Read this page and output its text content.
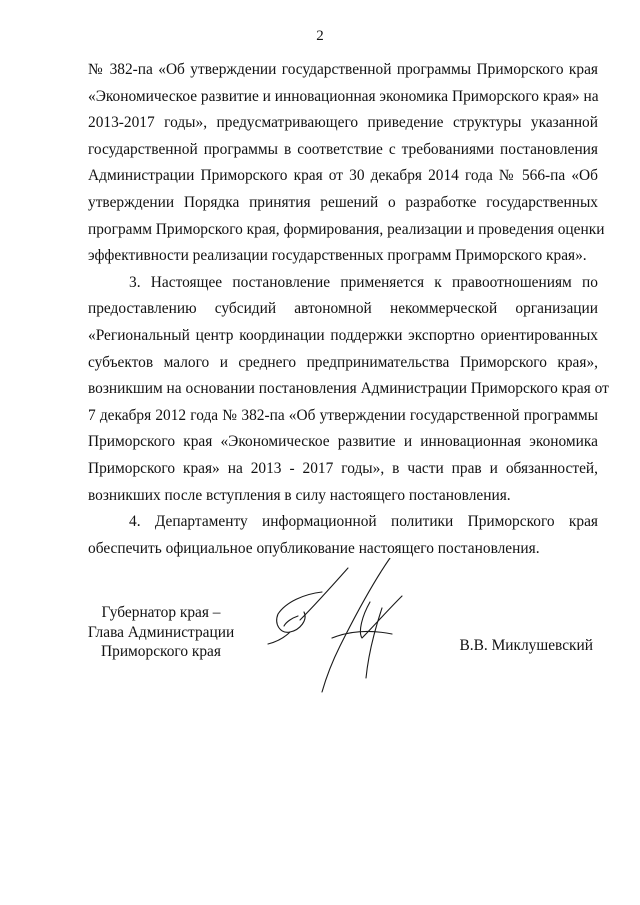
2
№ 382-па «Об утверждении государственной программы Приморского края
«Экономическое развитие и инновационная экономика Приморского края» на
2013-2017 годы», предусматривающего приведение структуры указанной
государственной программы в соответствие с требованиями постановления
Администрации Приморского края от 30 декабря 2014 года № 566-па «Об
утверждении Порядка принятия решений о разработке государственных
программ Приморского края, формирования, реализации и проведения оценки
эффективности реализации государственных программ Приморского края».
3. Настоящее постановление применяется к правоотношениям по
предоставлению субсидий автономной некоммерческой организации
«Региональный центр координации поддержки экспортно ориентированных
субъектов малого и среднего предпринимательства Приморского края»,
возникшим на основании постановления Администрации Приморского края от
7 декабря 2012 года № 382-па «Об утверждении государственной программы
Приморского края «Экономическое развитие и инновационная экономика
Приморского края» на 2013 - 2017 годы», в части прав и обязанностей,
возникших после вступления в силу настоящего постановления.
4. Департаменту информационной политики Приморского края
обеспечить официальное опубликование настоящего постановления.
Губернатор края –
Глава Администрации
Приморского края	В.В. Миклушевский
